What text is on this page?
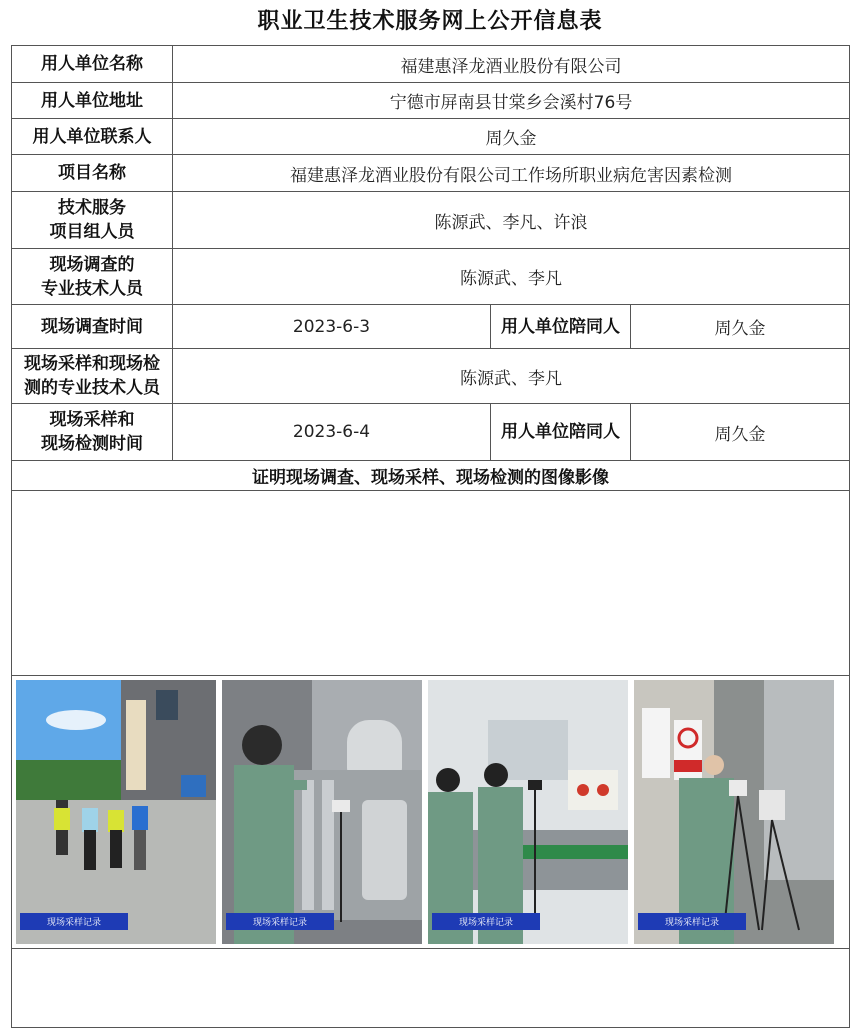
职业卫生技术服务网上公开信息表
用人单位名称	福建惠泽龙酒业股份有限公司		
用人单位地址	宁德市屏南县甘棠乡会溪村76号		
用人单位联系人	周久金		
项目名称	福建惠泽龙酒业股份有限公司工作场所职业病危害因素检测		

技术服务
项目组人员	陈源武、李凡、许浪		

现场调查的
专业技术人员	陈源武、李凡		
现场调查时间	2023-6-3	用人单位陪同人	周久金

现场采样和现场检
测的专业技术人员	陈源武、李凡		

现场采样和
现场检测时间	2023-6-4	用人单位陪同人	周久金
证明现场调查、现场采样、现场检测的图像影像			

现场采样记录 现场采样记录 现场采样记录 现场采样记录			
